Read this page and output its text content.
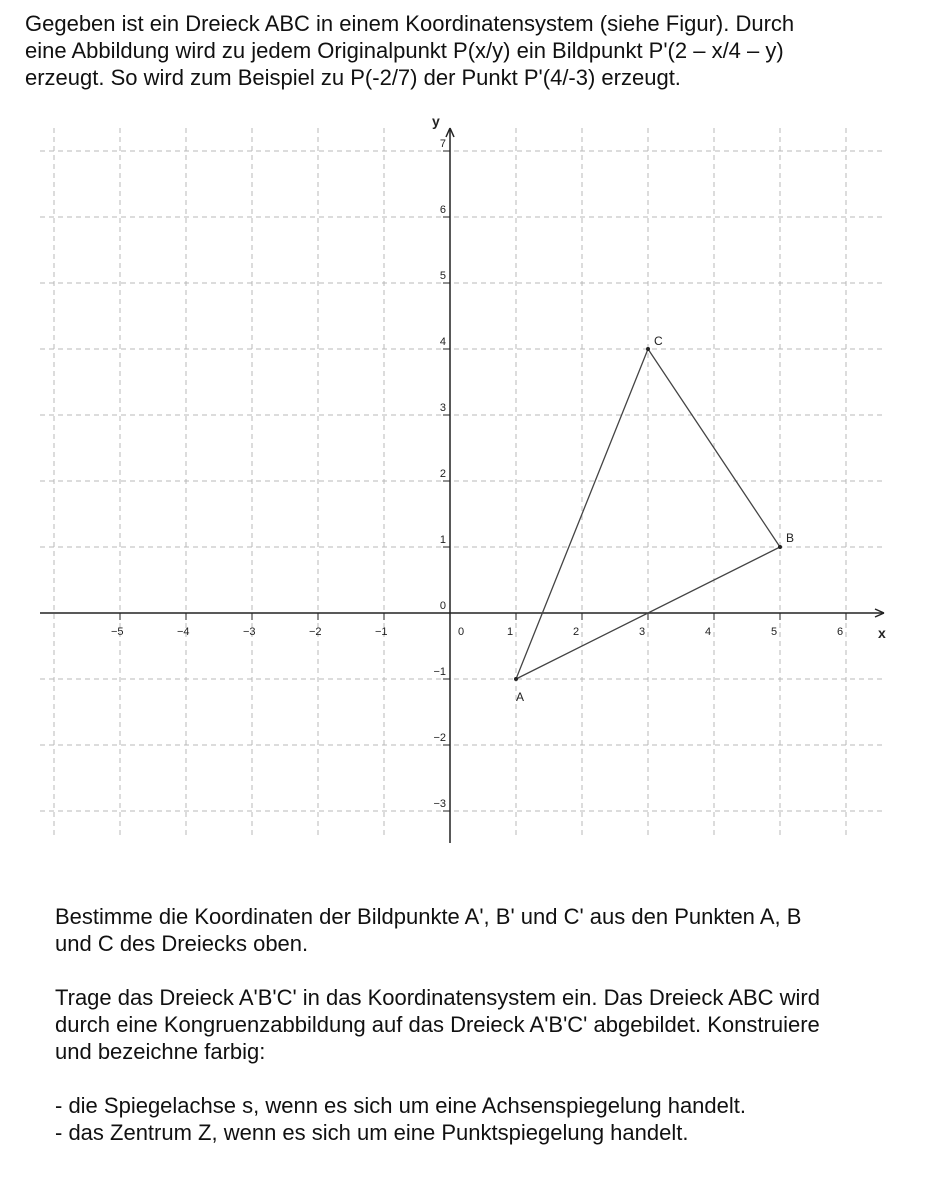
Gegeben ist ein Dreieck ABC in einem Koordinatensystem (siehe Figur). Durch
eine Abbildung wird zu jedem Originalpunkt P(x/y) ein Bildpunkt P'(2 – x/4 – y)
erzeugt. So wird zum Beispiel zu P(-2/7) der Punkt P'(4/-3) erzeugt.
x
y
−5	−4	−3	−2	−1	0	1	2	3	4	5	6
7
6
5
4
3
2
1
0
−1
−2
−3
A
B
C

Bestimme die Koordinaten der Bildpunkte A', B' und C' aus den Punkten A, B
und C des Dreiecks oben.

Trage das Dreieck A'B'C' in das Koordinatensystem ein. Das Dreieck ABC wird
durch eine Kongruenzabbildung auf das Dreieck A'B'C' abgebildet. Konstruiere
und bezeichne farbig:

- die Spiegelachse s, wenn es sich um eine Achsenspiegelung handelt.
- das Zentrum Z, wenn es sich um eine Punktspiegelung handelt.
